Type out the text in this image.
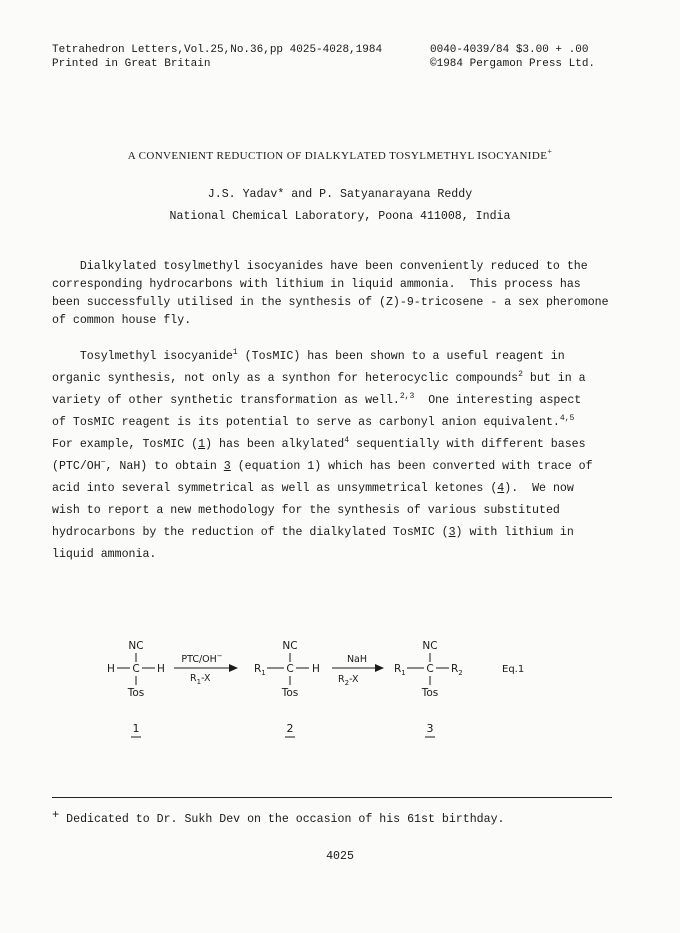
Tetrahedron Letters,Vol.25,No.36,pp 4025-4028,1984
Printed in Great Britain
0040-4039/84 $3.00 + .00
©1984 Pergamon Press Ltd.
A CONVENIENT REDUCTION OF DIALKYLATED TOSYLMETHYL ISOCYANIDE+
J.S. Yadav* and P. Satyanarayana Reddy
National Chemical Laboratory, Poona 411008, India
Dialkylated tosylmethyl isocyanides have been conveniently reduced to the
corresponding hydrocarbons with lithium in liquid ammonia.  This process has
been successfully utilised in the synthesis of (Z)-9-tricosene - a sex pheromone
of common house fly.
Tosylmethyl isocyanide$^1$ (TosMIC) has been shown to a useful reagent in
organic synthesis, not only as a synthon for heterocyclic compounds$^2$ but in a
variety of other synthetic transformation as well.$^{2,3}$  One interesting aspect
of TosMIC reagent is its potential to serve as carbonyl anion equivalent.$^{4,5}$
For example, TosMIC (1) has been alkylated$^4$ sequentially with different bases
(PTC/OH−, NaH) to obtain 3 (equation 1) which has been converted with trace of
acid into several symmetrical as well as unsymmetrical ketones (4).  We now
wish to report a new methodology for the synthesis of various substituted
hydrocarbons by the reduction of the dialkylated TosMIC (3) with lithium in
liquid ammonia.
NC
H C H
Tos
PTC/OH−
$R_1-X$
NC
$R_1$ C H
Tos
NaH
$R_2-X$
NC
$R_1$ C $R_2$
Tos
Eq.1
1	2	3
+ Dedicated to Dr. Sukh Dev on the occasion of his 61st birthday.
4025
